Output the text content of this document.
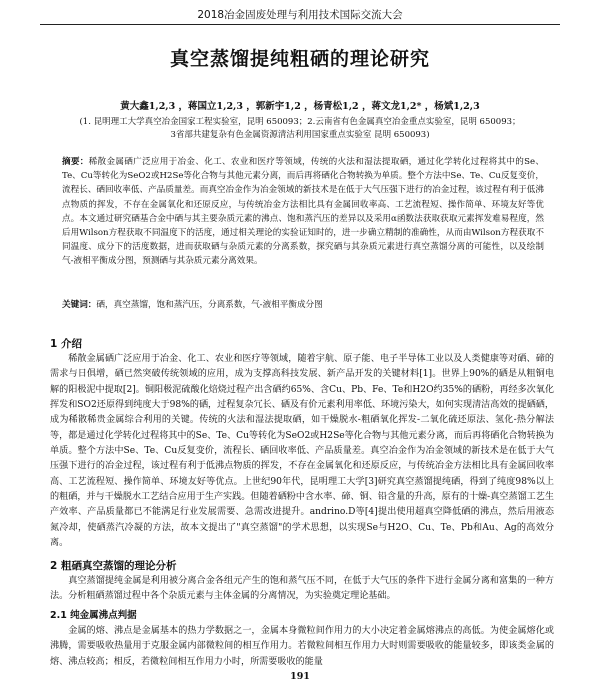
2018冶金固废处理与利用技术国际交流大会
真空蒸馏提纯粗硒的理论研究
黄大鑫1,2,3 ，蒋国立1,2,3 ，郭新宇1,2 ，杨青松1,2 ，蒋文龙1,2* ，杨斌1,2,3
(1. 昆明理工大学真空冶金国家工程实验室，昆明 650093；2.云南省有色金属真空冶金重点实验室，昆明 650093；
3省部共建复杂有色金属资源清洁利用国家重点实验室 昆明 650093)
摘要：稀散金属硒广泛应用于冶金、化工、农业和医疗等领域，传统的火法和湿法提取硒，通过化学转化过程将其中的Se、Te、Cu等转化为SeO2或H2Se等化合物与其他元素分离，而后再将硒化合物转换为单质。整个方法中Se、Te、Cu反复变价，流程长、硒回收率低、产品质量差。而真空冶金作为冶金领域的新技术是在低于大气压强下进行的冶金过程，该过程有利于低沸点物质的挥发，不存在金属氧化和还原反应，与传统冶金方法相比具有金属回收率高、工艺流程短、操作简单、环境友好等优点。本文通过研究硒基合金中硒与其主要杂质元素的沸点、饱和蒸汽压的差异以及采用α函数法获取获取元素挥发难易程度，然后用Wilson方程获取不同温度下的活度，通过相关理论的实验证知时的，进一步确立精制的准确性，从而由Wilson方程获取不同温度、成分下的活度数据，进而获取硒与杂质元素的分离系数，探究硒与其杂质元素进行真空蒸馏分离的可能性，以及绘制气-液相平衡成分图，预测硒与其杂质元素分离效果。
关键词：硒，真空蒸馏，饱和蒸汽压，分离系数，气-液相平衡成分图
1 介绍
稀散金属硒广泛应用于冶金、化工、农业和医疗等领域，随着宇航、原子能、电子半导体工业以及人类健康等对硒、碲的需求与日俱增，硒已然突破传统领域的应用，成为支撑高科技发展、新产品开发的关键材料[1]。世界上90%的硒是从粗铜电解的阳极泥中提取[2]。铜阳极泥硫酸化焙烧过程产出含硒约65%、含Cu、Pb、Fe、Te和H2O约35%的硒粉，再经多次氧化挥发和SO2还原得到纯度大于98%的硒，过程复杂冗长、硒及有价元素利用率低、环境污染大，如何实现清洁高效的提硒硒，成为稀散稀贵金属综合利用的关键。传统的火法和湿法提取硒，如干燥脱水-粗硒氧化挥发-二氧化硫还原法、氢化-热分解法等，都是通过化学转化过程将其中的Se、Te、Cu等转化为SeO2或H2Se等化合物与其他元素分离，而后再将硒化合物转换为单质。整个方法中Se、Te、Cu反复变价，流程长、硒回收率低、产品质量差。真空冶金作为冶金领域的新技术是在低于大气压强下进行的冶金过程，该过程有利于低沸点物质的挥发，不存在金属氧化和还原反应，与传统冶金方法相比具有金属回收率高、工艺流程短、操作简单、环境友好等优点。上世纪90年代，昆明理工大学[3]研究真空蒸馏提纯硒，得到了纯度98%以上的粗硒，并与干燥脱水工艺结合应用于生产实践。但随着硒粉中含水率、碲、铜、铅含量的升高，原有的十燥-真空蒸馏工艺生产效率、产品质量都已不能满足行业发展需要、急需改进提升。andrino.D等[4]提出使用超真空降低硒的沸点，然后用液态氮冷却，使硒蒸汽冷凝的方法，故本文提出了"真空蒸馏"的学术思想，以实现Se与H2O、Cu、Te、Pb和Au、Ag的高效分离。
2 粗硒真空蒸馏的理论分析
真空蒸馏提纯金属是利用被分离合金各组元产生的饱和蒸气压不同，在低于大气压的条件下进行金属分离和富集的一种方法。分析粗硒蒸馏过程中各个杂质元素与主体金属的分离情况，为实验奠定理论基础。
2.1 纯金属沸点判据
金属的熔、沸点是金属基本的热力学数据之一，金属本身微粒间作用力的大小决定着金属熔沸点的高低。为使金属熔化或沸腾，需要吸收热量用于克服金属内部微粒间的相互作用力。若微粒间相互作用力大时则需要吸收的能量较多，即该类金属的熔、沸点较高；相反，若微粒间相互作用力小时，所需要吸收的能量
191
